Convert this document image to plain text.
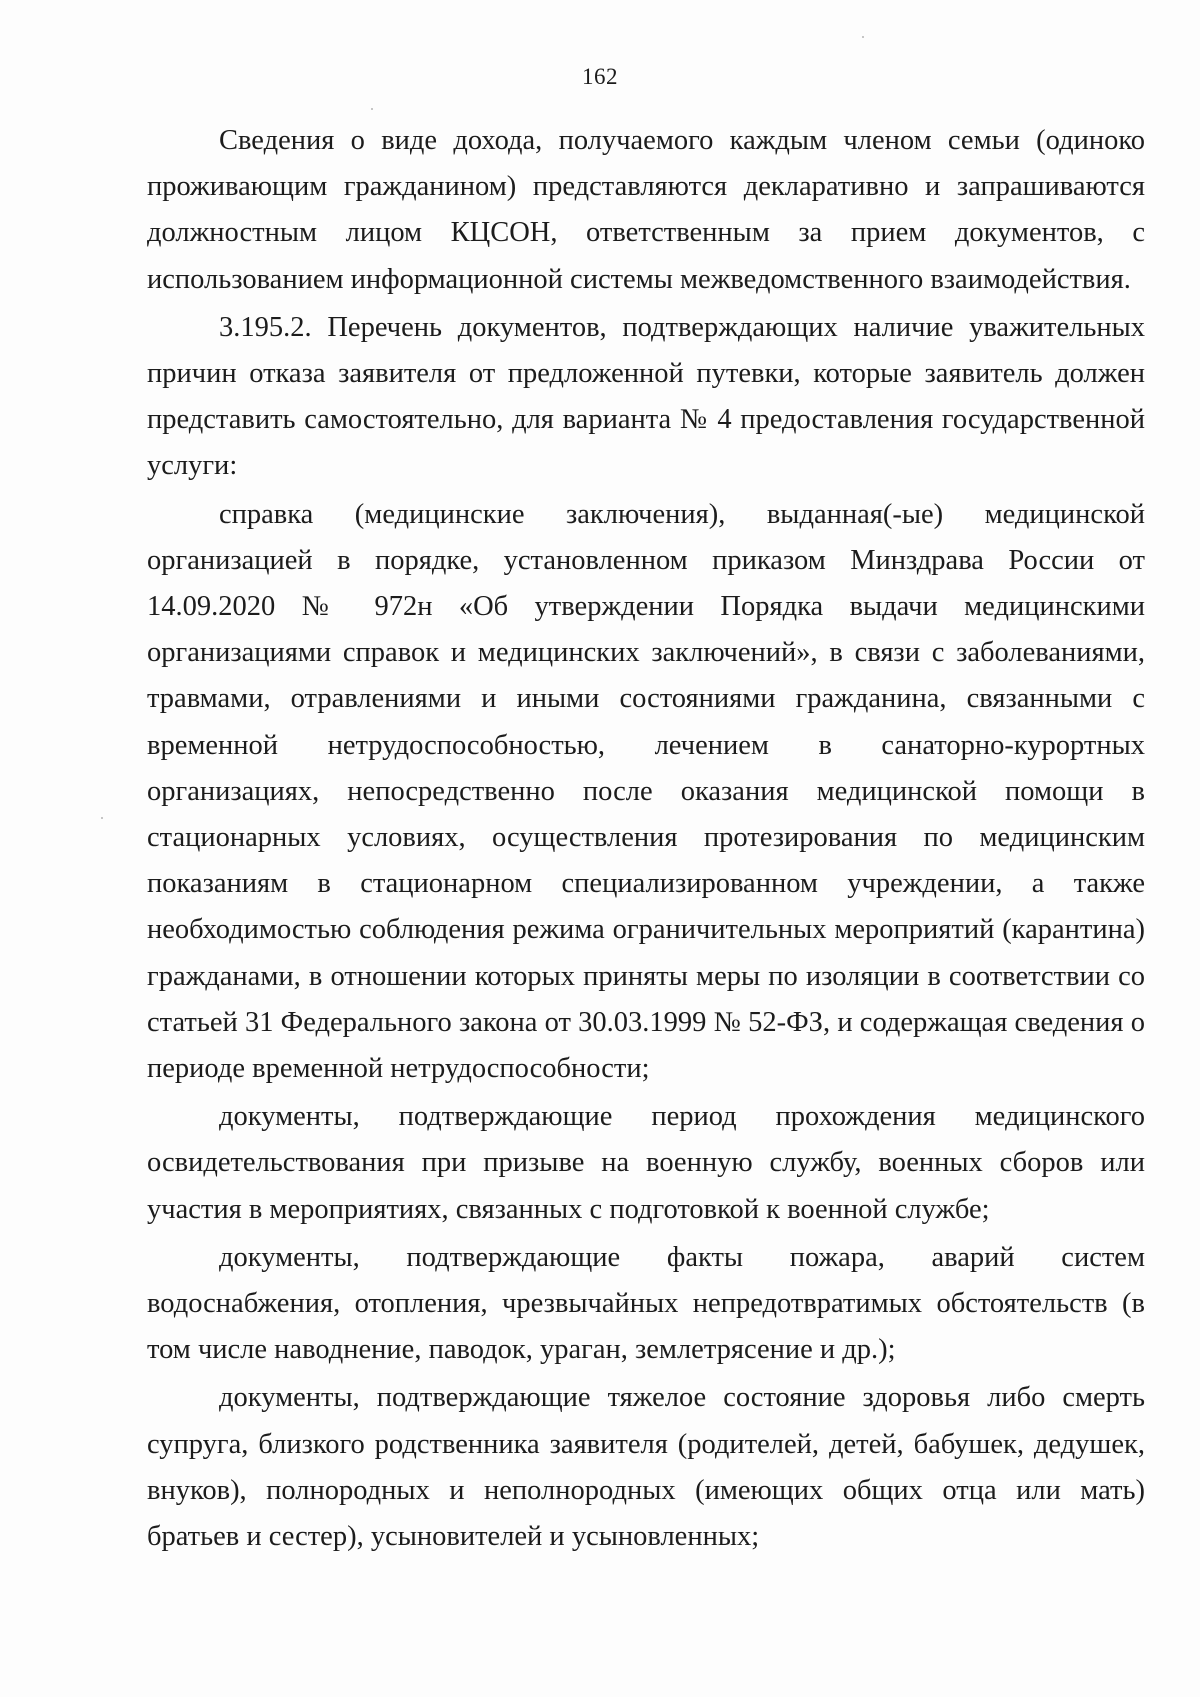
162

Сведения о виде дохода, получаемого каждым членом семьи (одиноко проживающим гражданином) представляются декларативно и запрашиваются должностным лицом КЦСОН, ответственным за прием документов, с использованием информационной системы межведомственного взаимодействия.

3.195.2. Перечень документов, подтверждающих наличие уважительных причин отказа заявителя от предложенной путевки, которые заявитель должен представить самостоятельно, для варианта № 4 предоставления государственной услуги:

справка (медицинские заключения), выданная(-ые) медицинской организацией в порядке, установленном приказом Минздрава России от 14.09.2020 № 972н «Об утверждении Порядка выдачи медицинскими организациями справок и медицинских заключений», в связи с заболеваниями, травмами, отравлениями и иными состояниями гражданина, связанными с временной нетрудоспособностью, лечением в санаторно-курортных организациях, непосредственно после оказания медицинской помощи в стационарных условиях, осуществления протезирования по медицинским показаниям в стационарном специализированном учреждении, а также необходимостью соблюдения режима ограничительных мероприятий (карантина) гражданами, в отношении которых приняты меры по изоляции в соответствии со статьей 31 Федерального закона от 30.03.1999 № 52-ФЗ, и содержащая сведения о периоде временной нетрудоспособности;

документы, подтверждающие период прохождения медицинского освидетельствования при призыве на военную службу, военных сборов или участия в мероприятиях, связанных с подготовкой к военной службе;

документы, подтверждающие факты пожара, аварий систем водоснабжения, отопления, чрезвычайных непредотвратимых обстоятельств (в том числе наводнение, паводок, ураган, землетрясение и др.);

документы, подтверждающие тяжелое состояние здоровья либо смерть супруга, близкого родственника заявителя (родителей, детей, бабушек, дедушек, внуков), полнородных и неполнородных (имеющих общих отца или мать) братьев и сестер), усыновителей и усыновленных;
